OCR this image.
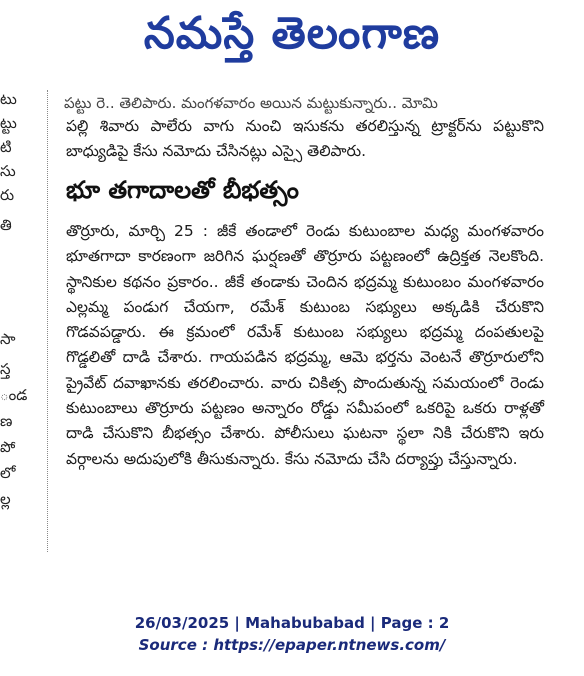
నమస్తే తెలంగాణ
టు
ట్టు
టి
సు
రు
తి
సా
స్త
ండ
ణ
పో
లో
ల్ల
పట్టు రె.. తెలిపారు. మంగళవారం అయిన మట్టుకున్నారు.. మోమి
పల్లి శివారు పాలేరు వాగు నుంచి ఇసుకను తరలిస్తున్న ట్రాక్టర్‌ను పట్టుకొని బాధ్యుడిపై కేసు నమోదు చేసినట్లు ఎస్సై తెలిపారు.
భూ తగాదాలతో బీభత్సం
తొర్రూరు, మార్చి 25 : జీకే తండాలో రెండు కుటుంబాల మధ్య మంగళవారం భూతగాదా కారణంగా జరిగిన ఘర్షణతో తొర్రూరు పట్టణంలో ఉద్రిక్తత నెలకొంది. స్థానికుల కథనం ప్రకారం.. జీకే తండాకు చెందిన భద్రమ్మ కుటుంబం మంగళవారం ఎల్లమ్మ పండుగ చేయగా, రమేశ్ కుటుంబ సభ్యులు అక్కడికి చేరుకొని గొడవపడ్డారు. ఈ క్రమంలో రమేశ్ కుటుంబ సభ్యులు భద్రమ్మ దంపతులపై గొడ్డలితో దాడి చేశారు. గాయపడిన భద్రమ్మ, ఆమె భర్తను వెంటనే తొర్రూరులోని ప్రైవేట్ దవాఖానకు తరలించారు. వారు చికిత్స పొందుతున్న సమయంలో రెండు కుటుంబాలు తొర్రూరు పట్టణం అన్నారం రోడ్డు సమీపంలో ఒకరిపై ఒకరు రాళ్లతో దాడి చేసుకొని బీభత్సం చేశారు. పోలీసులు ఘటనా స్థలా నికి చేరుకొని ఇరు వర్గాలను అదుపులోకి తీసుకున్నారు. కేసు నమోదు చేసి దర్యాప్తు చేస్తున్నారు.
26/03/2025 | Mahabubabad | Page : 2
Source : https://epaper.ntnews.com/
